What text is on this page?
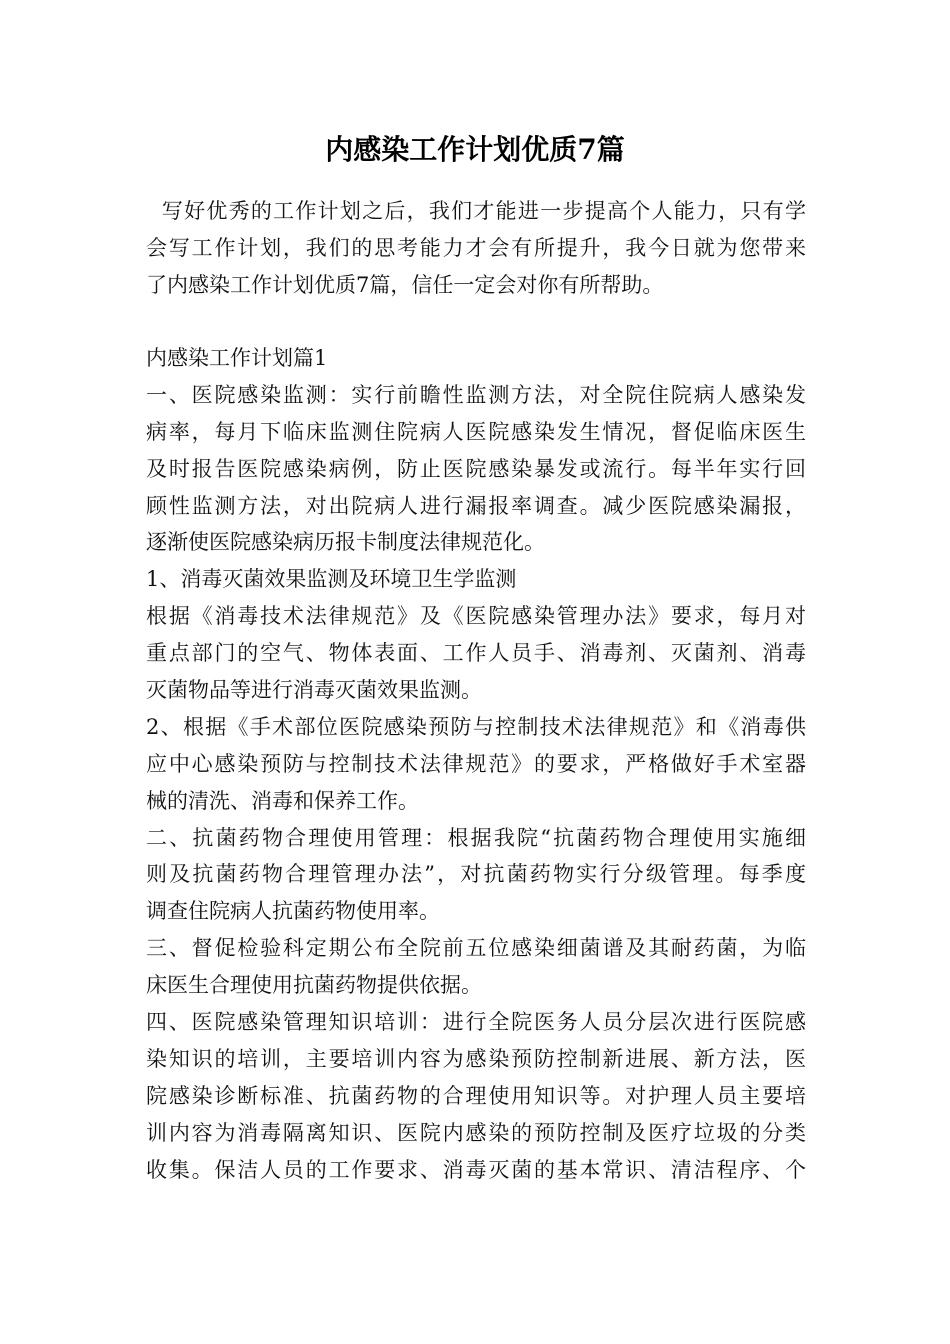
内感染工作计划优质7篇
写好优秀的工作计划之后，我们才能进一步提高个人能力，只有学
会写工作计划，我们的思考能力才会有所提升，我今日就为您带来
了内感染工作计划优质7篇，信任一定会对你有所帮助。
内感染工作计划篇1
一、医院感染监测：实行前瞻性监测方法，对全院住院病人感染发
病率，每月下临床监测住院病人医院感染发生情况，督促临床医生
及时报告医院感染病例，防止医院感染暴发或流行。每半年实行回
顾性监测方法，对出院病人进行漏报率调查。减少医院感染漏报，
逐渐使医院感染病历报卡制度法律规范化。
1、消毒灭菌效果监测及环境卫生学监测
根据《消毒技术法律规范》及《医院感染管理办法》要求，每月对
重点部门的空气、物体表面、工作人员手、消毒剂、灭菌剂、消毒
灭菌物品等进行消毒灭菌效果监测。
2、根据《手术部位医院感染预防与控制技术法律规范》和《消毒供
应中心感染预防与控制技术法律规范》的要求，严格做好手术室器
械的清洗、消毒和保养工作。
二、抗菌药物合理使用管理：根据我院“抗菌药物合理使用实施细
则及抗菌药物合理管理办法”，对抗菌药物实行分级管理。每季度
调查住院病人抗菌药物使用率。
三、督促检验科定期公布全院前五位感染细菌谱及其耐药菌，为临
床医生合理使用抗菌药物提供依据。
四、医院感染管理知识培训：进行全院医务人员分层次进行医院感
染知识的培训，主要培训内容为感染预防控制新进展、新方法，医
院感染诊断标准、抗菌药物的合理使用知识等。对护理人员主要培
训内容为消毒隔离知识、医院内感染的预防控制及医疗垃圾的分类
收集。保洁人员的工作要求、消毒灭菌的基本常识、清洁程序、个
